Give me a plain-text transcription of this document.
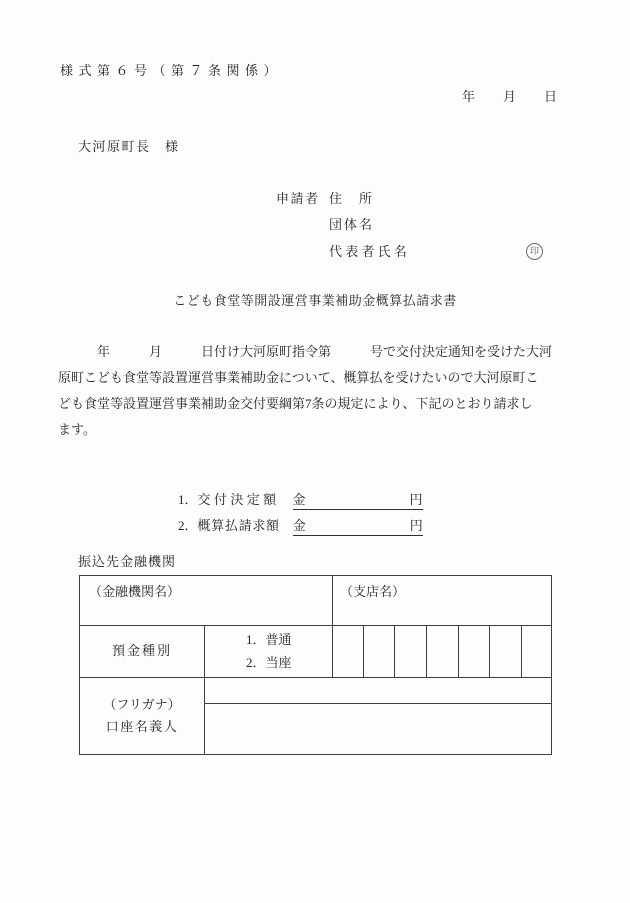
様式第６号（第７条関係）
年 月 日
大河原町長　様
申請者 住　所
団体名
代表者氏名	印
こども食堂等開設運営事業補助金概算払請求書
　　　年　　　月　　　日付け大河原町指令第　　　号で交付決定通知を受けた大河
原町こども食堂等設置運営事業補助金について、概算払を受けたいので大河原町こ
ども食堂等設置運営事業補助金交付要綱第7条の規定により、下記のとおり請求し
ます。

1．交付決定額 金　　　　　　　　円

2．概算払請求額 金　　　　　　　　円

振込先金融機関
（金融機関名）	（支店名）
預金種別
1．普通
2．当座
（フリガナ）
口座名義人
